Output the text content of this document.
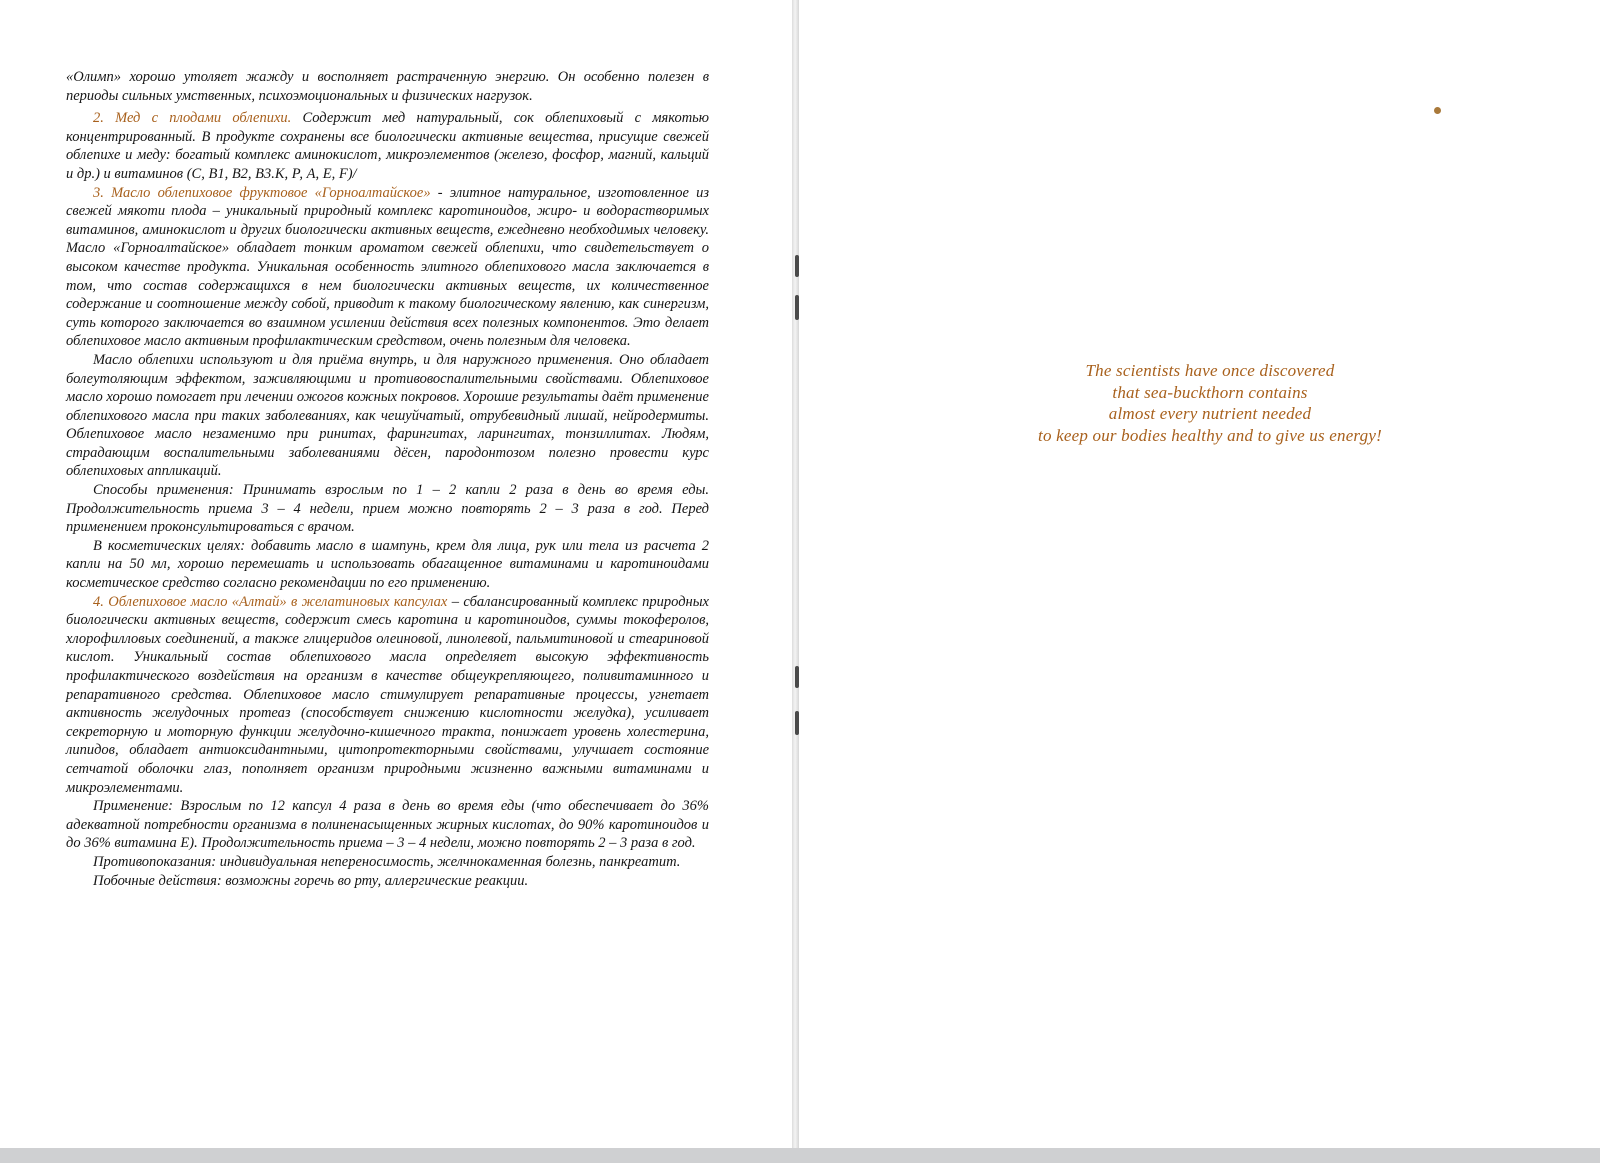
«Олимп» хорошо утоляет жажду и восполняет растраченную энергию. Он особенно полезен в периоды сильных умственных, психоэмоциональных и физических нагрузок.

2. Мед с плодами облепихи. Содержит мед натуральный, сок облепиховый с мякотью концентрированный. В продукте сохранены все биологически активные вещества, присущие свежей облепихе и меду: богатый комплекс аминокислот, микроэлементов (железо, фосфор, магний, кальций и др.) и витаминов (С, В1, В2, В3.К, Р, А, Е, F)/

3. Масло облепиховое фруктовое «Горноалтайское» - элитное натуральное, изготовленное из свежей мякоти плода – уникальный природный комплекс каротиноидов, жиро- и водорастворимых витаминов, аминокислот и других биологически активных веществ, ежедневно необходимых человеку. Масло «Горноалтайское» обладает тонким ароматом свежей облепихи, что свидетельствует о высоком качестве продукта. Уникальная особенность элитного облепихового масла заключается в том, что состав содержащихся в нем биологически активных веществ, их количественное содержание и соотношение между собой, приводит к такому биологическому явлению, как синергизм, суть которого заключается во взаимном усилении действия всех полезных компонентов. Это делает облепиховое масло активным профилактическим средством, очень полезным для человека.

Масло облепихи используют и для приёма внутрь, и для наружного применения. Оно обладает болеутоляющим эффектом, заживляющими и противовоспалительными свойствами. Облепиховое масло хорошо помогает при лечении ожогов кожных покровов. Хорошие результаты даёт применение облепихового масла при таких заболеваниях, как чешуйчатый, отрубевидный лишай, нейродермиты. Облепиховое масло незаменимо при ринитах, фарингитах, ларингитах, тонзиллитах. Людям, страдающим воспалительными заболеваниями дёсен, пародонтозом полезно провести курс облепиховых аппликаций.

Способы применения: Принимать взрослым по 1 – 2 капли 2 раза в день во время еды. Продолжительность приема 3 – 4 недели, прием можно повторять 2 – 3 раза в год. Перед применением проконсультироваться с врачом.

В косметических целях: добавить масло в шампунь, крем для лица, рук или тела из расчета 2 капли на 50 мл, хорошо перемешать и использовать обагащенное витаминами и каротиноидами косметическое средство согласно рекомендации по его применению.

4. Облепиховое масло «Алтай» в желатиновых капсулах – сбалансированный комплекс природных биологически активных веществ, содержит смесь каротина и каротиноидов, суммы токоферолов, хлорофилловых соединений, а также глицеридов олеиновой, линолевой, пальмитиновой и стеариновой кислот. Уникальный состав облепихового масла определяет высокую эффективность профилактического воздействия на организм в качестве общеукрепляющего, поливитаминного и репаративного средства. Облепиховое масло стимулирует репаративные процессы, угнетает активность желудочных протеаз (способствует снижению кислотности желудка), усиливает секреторную и моторную функции желудочно-кишечного тракта, понижает уровень холестерина, липидов, обладает антиоксидантными, цитопротекторными свойствами, улучшает состояние сетчатой оболочки глаз, пополняет организм природными жизненно важными витаминами и микроэлементами.

Применение: Взрослым по 12 капсул 4 раза в день во время еды (что обеспечивает до 36% адекватной потребности организма в полиненасыщенных жирных кислотах, до 90% каротиноидов и до 36% витамина Е). Продолжительность приема – 3 – 4 недели, можно повторять 2 – 3 раза в год.

Противопоказания: индивидуальная непереносимость, желчнокаменная болезнь, панкреатит.

Побочные действия: возможны горечь во рту, аллергические реакции.

The scientists have once discovered
that sea-buckthorn contains
almost every nutrient needed
to keep our bodies healthy and to give us energy!
